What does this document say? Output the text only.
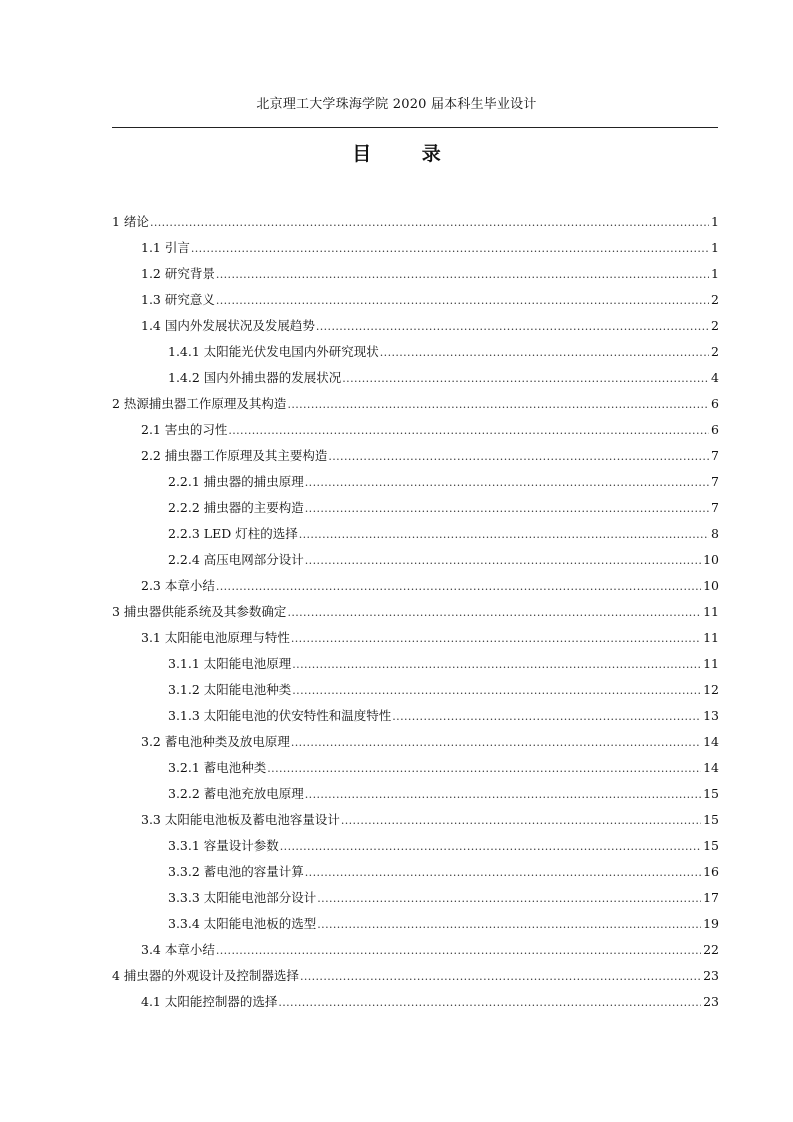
北京理工大学珠海学院 2020 届本科生毕业设计
目 录
1 绪论 .....	1
1.1 引言 .....	1
1.2 研究背景 .....	1
1.3 研究意义 .....	2
1.4 国内外发展状况及发展趋势 .....	2
1.4.1 太阳能光伏发电国内外研究现状 .....	2
1.4.2 国内外捕虫器的发展状况 .....	4
2 热源捕虫器工作原理及其构造 .....	6
2.1 害虫的习性 .....	6
2.2 捕虫器工作原理及其主要构造 .....	7
2.2.1 捕虫器的捕虫原理 .....	7
2.2.2 捕虫器的主要构造 .....	7
2.2.3 LED 灯柱的选择 .....	8
2.2.4 高压电网部分设计 .....	10
2.3 本章小结 .....	10
3 捕虫器供能系统及其参数确定 .....	11
3.1 太阳能电池原理与特性 .....	11
3.1.1 太阳能电池原理 .....	11
3.1.2 太阳能电池种类 .....	12
3.1.3 太阳能电池的伏安特性和温度特性 .....	13
3.2 蓄电池种类及放电原理 .....	14
3.2.1 蓄电池种类 .....	14
3.2.2 蓄电池充放电原理 .....	15
3.3 太阳能电池板及蓄电池容量设计 .....	15
3.3.1 容量设计参数 .....	15
3.3.2 蓄电池的容量计算 .....	16
3.3.3 太阳能电池部分设计 .....	17
3.3.4 太阳能电池板的选型 .....	19
3.4 本章小结 .....	22
4 捕虫器的外观设计及控制器选择 .....	23
4.1 太阳能控制器的选择 .....	23
